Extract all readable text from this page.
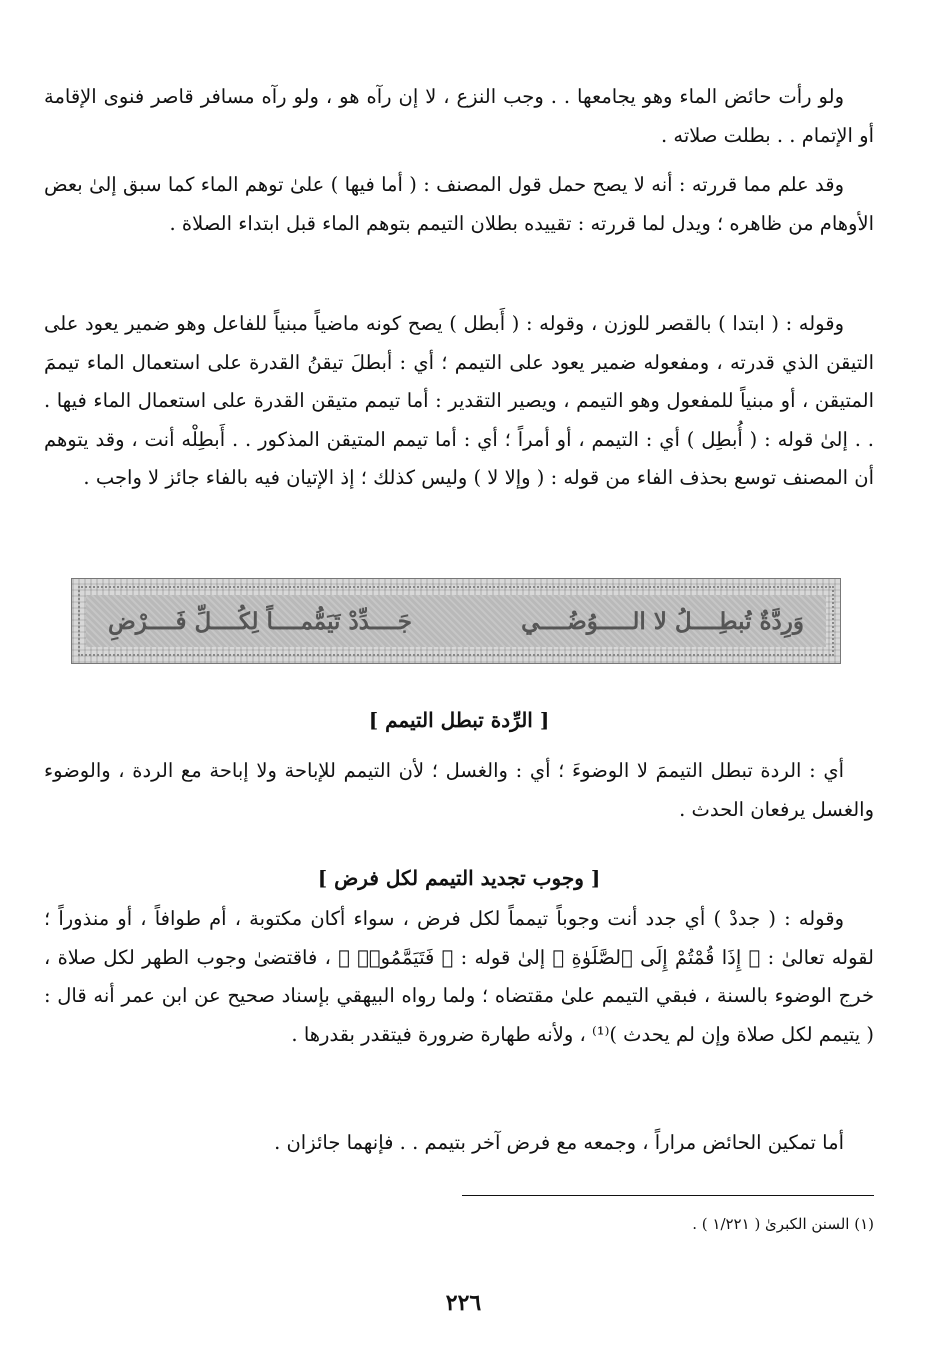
ولو رأت حائض الماء وهو يجامعها . . وجب النزع ، لا إن رآه هو ، ولو رآه مسافر قاصر فنوى الإقامة أو الإتمام . . بطلت صلاته .

وقد علم مما قررته : أنه لا يصح حمل قول المصنف : ( أما فيها ) علىٰ توهم الماء كما سبق إلىٰ بعض الأوهام من ظاهره ؛ ويدل لما قررته : تقييده بطلان التيمم بتوهم الماء قبل ابتداء الصلاة .

وقوله : ( ابتدا ) بالقصر للوزن ، وقوله : ( أَبطل ) يصح كونه ماضياً مبنياً للفاعل وهو ضمير يعود على التيقن الذي قدرته ، ومفعوله ضمير يعود على التيمم ؛ أي : أبطلَ تيقنُ القدرة على استعمال الماء تيممَ المتيقن ، أو مبنياً للمفعول وهو التيمم ، ويصير التقدير : أما تيمم متيقن القدرة على استعمال الماء فيها . . . إلىٰ قوله : ( أُبطِل ) أي : التيمم ، أو أمراً ؛ أي : أما تيمم المتيقن المذكور . . أَبطِلْه أنت ، وقد يتوهم أن المصنف توسع بحذف الفاء من قوله : ( وإلا لا ) وليس كذلك ؛ إذ الإتيان فيه بالفاء جائز لا واجب .

وَرِدَّةٌ تُبطِــــلُ لا الـــــوُضُــــي
جَــــدِّدْ تَيَمُّمــــاً لِكُــــلِّ فَــــرْضِ
[ الرِّدة تبطل التيمم ]

أي : الردة تبطل التيممَ لا الوضوءَ ؛ أي : والغسل ؛ لأن التيمم للإباحة ولا إباحة مع الردة ، والوضوء والغسل يرفعان الحدث .

[ وجوب تجديد التيمم لكل فرض ]

وقوله : ( جددْ ) أي جدد أنت وجوباً تيمماً لكل فرض ، سواء أكان مكتوبة ، أم طوافاً ، أو منذوراً ؛ لقوله تعالىٰ : ﴿ إِذَا قُمْتُمْ إِلَى ٱلصَّلَوٰةِ ﴾ إلىٰ قوله : ﴿ فَتَيَمَّمُوا۟ ﴾ ، فاقتضىٰ وجوب الطهر لكل صلاة ، خرج الوضوء بالسنة ، فبقي التيمم علىٰ مقتضاه ؛ ولما رواه البيهقي بإسناد صحيح عن ابن عمر أنه قال : ( يتيمم لكل صلاة وإن لم يحدث )⁽¹⁾ ، ولأنه طهارة ضرورة فيتقدر بقدرها .

أما تمكين الحائض مراراً ، وجمعه مع فرض آخر بتيمم . . فإنهما جائزان .

(١) السنن الكبرىٰ ( ١/٢٢١ ) .
٢٢٦
